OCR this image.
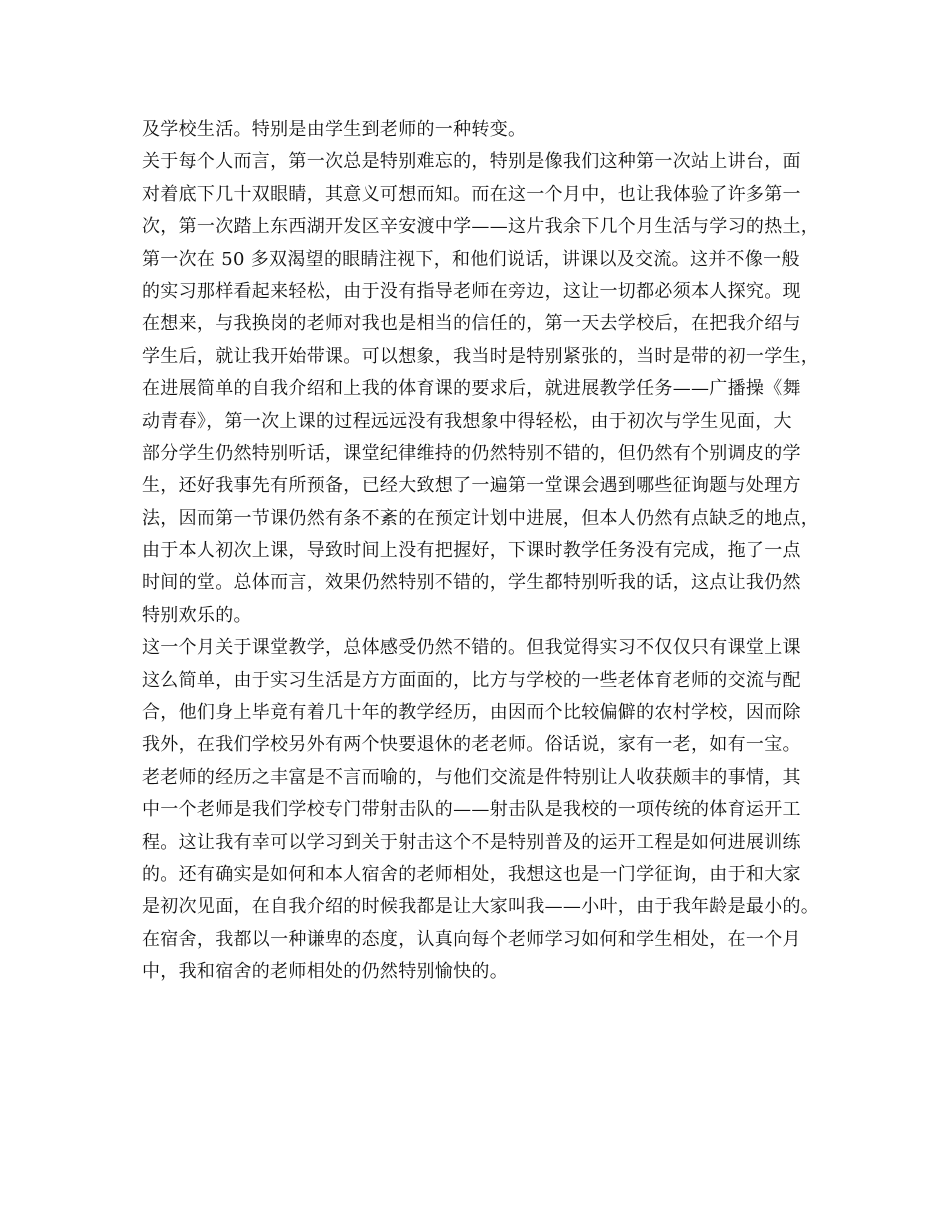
及学校生活。特别是由学生到老师的一种转变。
关于每个人而言，第一次总是特别难忘的，特别是像我们这种第一次站上讲台，面
对着底下几十双眼睛，其意义可想而知。而在这一个月中，也让我体验了许多第一
次，第一次踏上东西湖开发区辛安渡中学——这片我余下几个月生活与学习的热土，
第一次在 50 多双渴望的眼睛注视下，和他们说话，讲课以及交流。这并不像一般
的实习那样看起来轻松，由于没有指导老师在旁边，这让一切都必须本人探究。现
在想来，与我换岗的老师对我也是相当的信任的，第一天去学校后，在把我介绍与
学生后，就让我开始带课。可以想象，我当时是特别紧张的，当时是带的初一学生，
在进展简单的自我介绍和上我的体育课的要求后，就进展教学任务——广播操《舞
动青春》，第一次上课的过程远远没有我想象中得轻松，由于初次与学生见面，大
部分学生仍然特别听话，课堂纪律维持的仍然特别不错的，但仍然有个别调皮的学
生，还好我事先有所预备，已经大致想了一遍第一堂课会遇到哪些征询题与处理方
法，因而第一节课仍然有条不紊的在预定计划中进展，但本人仍然有点缺乏的地点，
由于本人初次上课，导致时间上没有把握好，下课时教学任务没有完成，拖了一点
时间的堂。总体而言，效果仍然特别不错的，学生都特别听我的话，这点让我仍然
特别欢乐的。
这一个月关于课堂教学，总体感受仍然不错的。但我觉得实习不仅仅只有课堂上课
这么简单，由于实习生活是方方面面的，比方与学校的一些老体育老师的交流与配
合，他们身上毕竟有着几十年的教学经历，由因而个比较偏僻的农村学校，因而除
我外，在我们学校另外有两个快要退休的老老师。俗话说，家有一老，如有一宝。
老老师的经历之丰富是不言而喻的，与他们交流是件特别让人收获颇丰的事情，其
中一个老师是我们学校专门带射击队的——射击队是我校的一项传统的体育运开工
程。这让我有幸可以学习到关于射击这个不是特别普及的运开工程是如何进展训练
的。还有确实是如何和本人宿舍的老师相处，我想这也是一门学征询，由于和大家
是初次见面，在自我介绍的时候我都是让大家叫我——小叶，由于我年龄是最小的。
在宿舍，我都以一种谦卑的态度，认真向每个老师学习如何和学生相处，在一个月
中，我和宿舍的老师相处的仍然特别愉快的。
